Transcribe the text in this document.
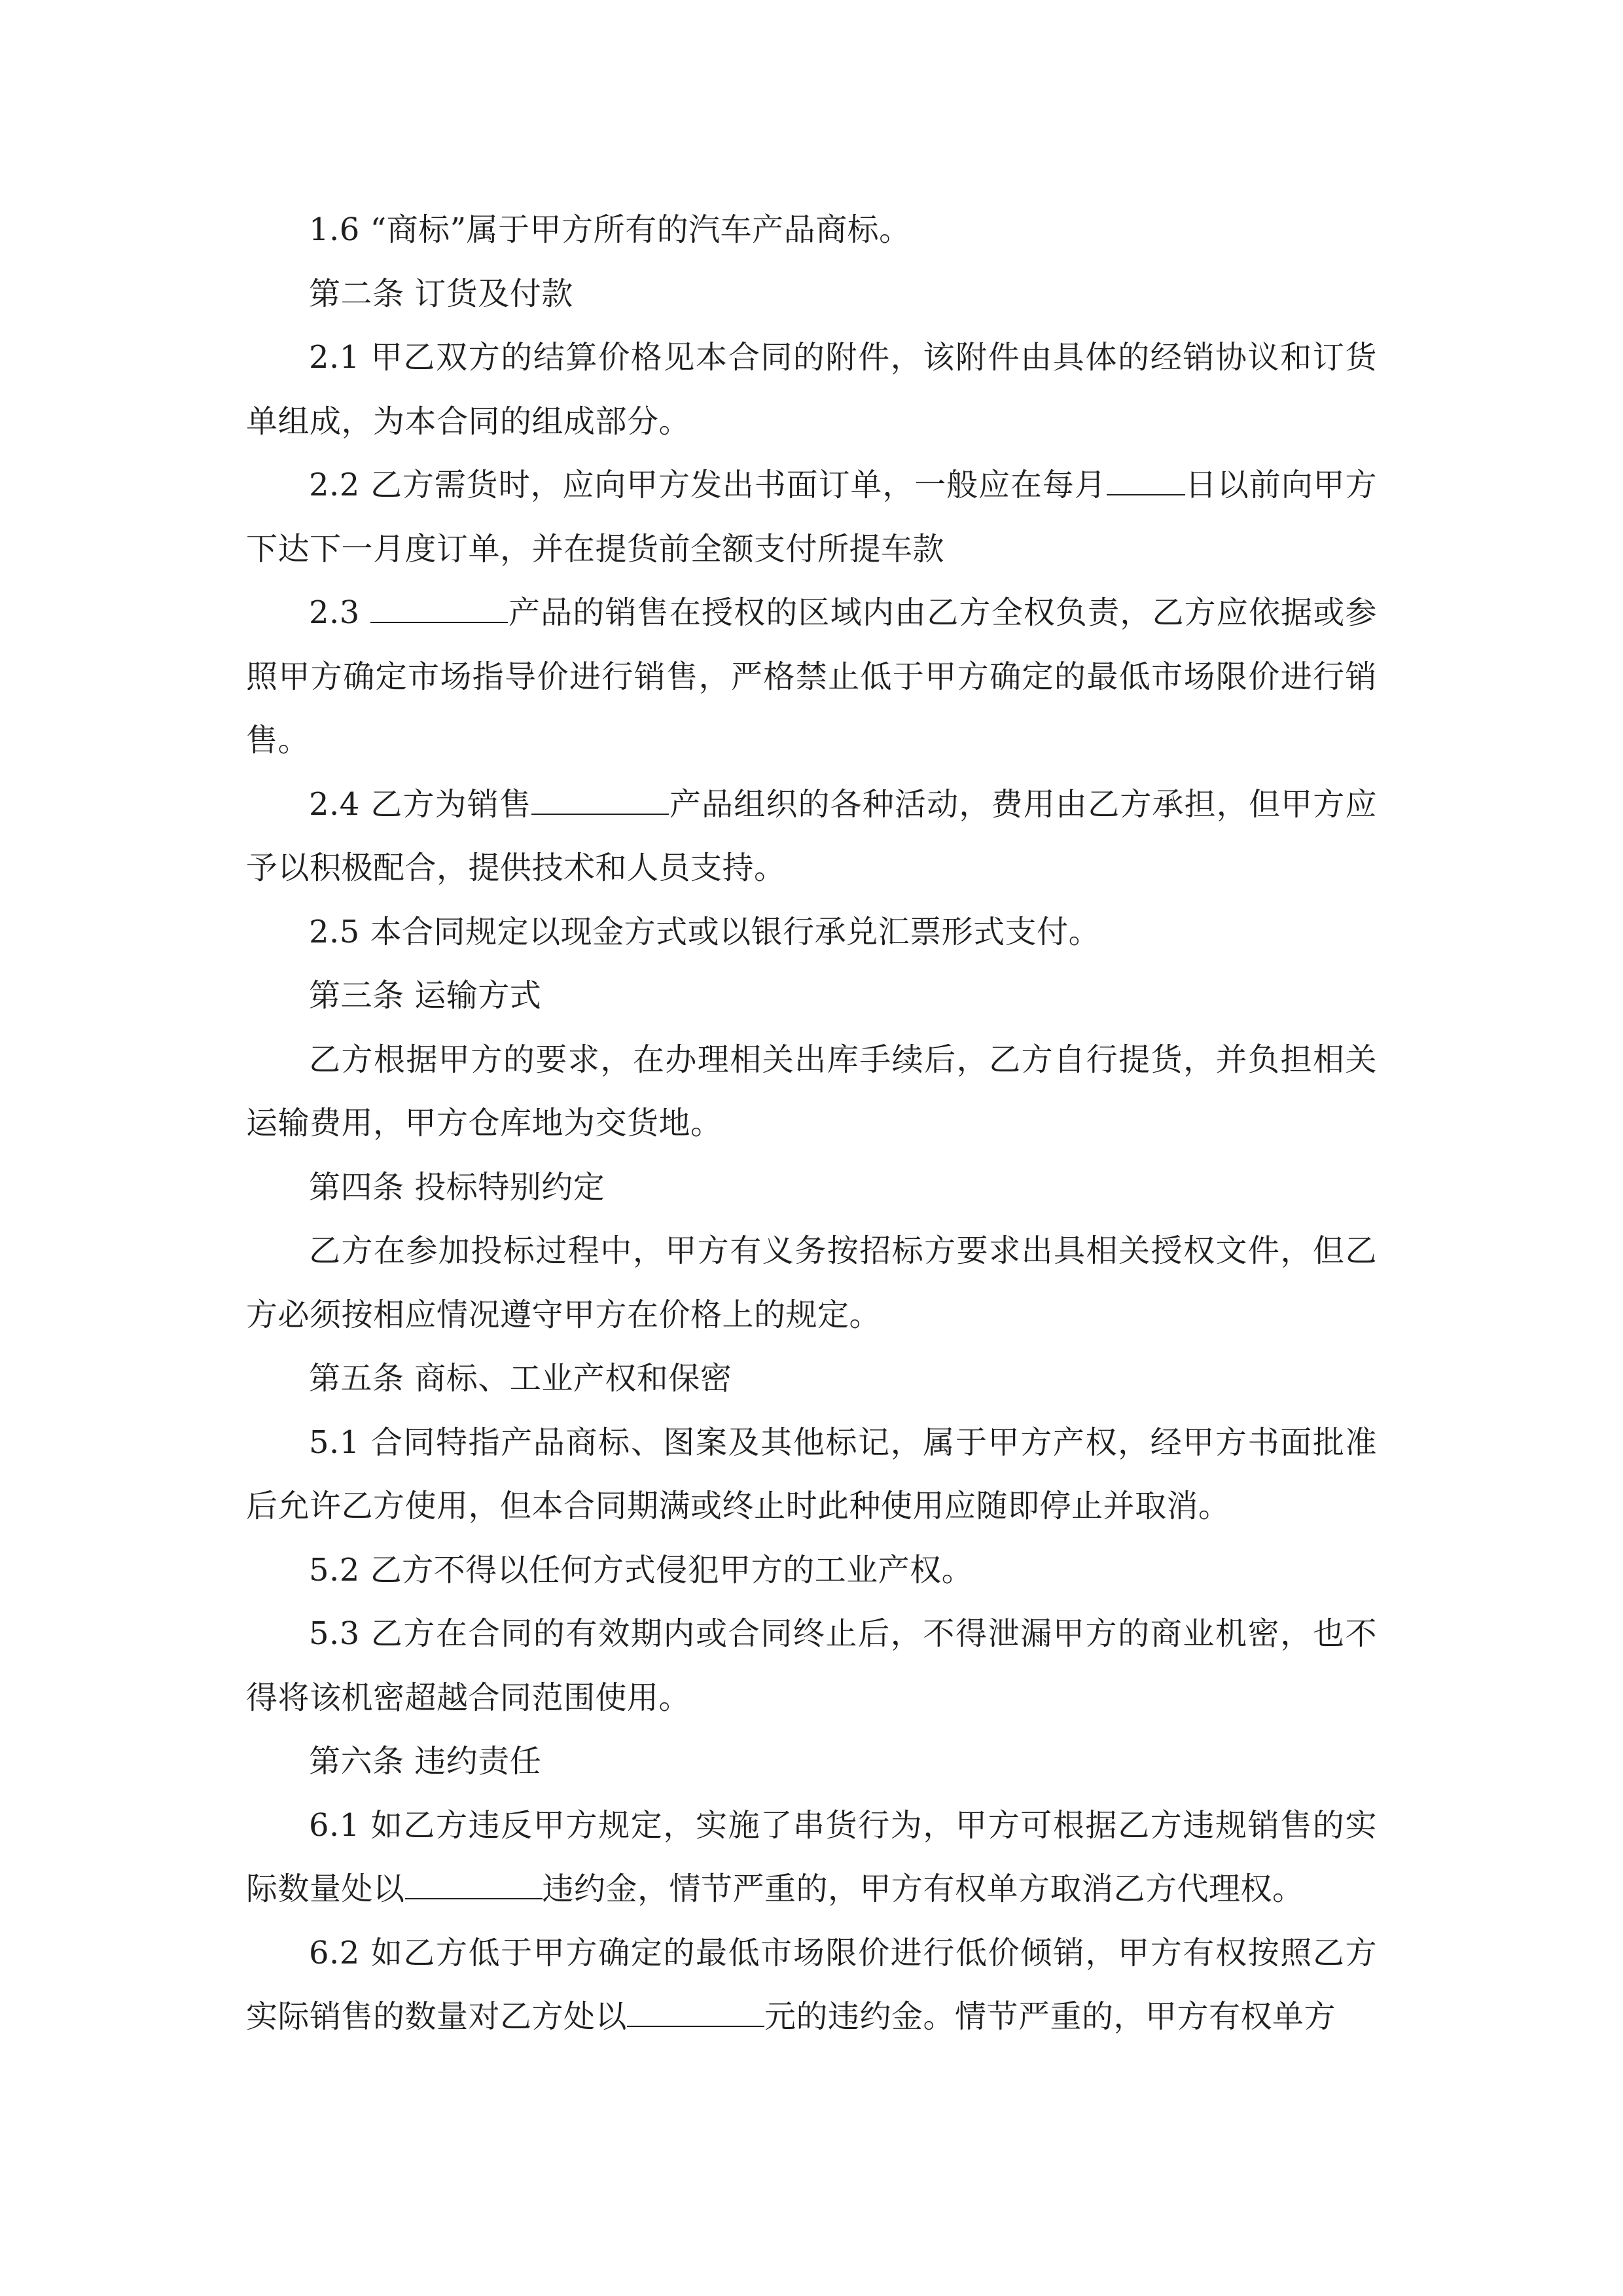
1.6 “商标”属于甲方所有的汽车产品商标。

第二条 订货及付款

2.1 甲乙双方的结算价格见本合同的附件，该附件由具体的经销协议和订货单组成，为本合同的组成部分。

2.2 乙方需货时，应向甲方发出书面订单，一般应在每月	日以前向甲方下达下一月度订单，并在提货前全额支付所提车款

2.3	产品的销售在授权的区域内由乙方全权负责，乙方应依据或参照甲方确定市场指导价进行销售，严格禁止低于甲方确定的最低市场限价进行销售。

2.4 乙方为销售	产品组织的各种活动，费用由乙方承担，但甲方应予以积极配合，提供技术和人员支持。

2.5 本合同规定以现金方式或以银行承兑汇票形式支付。

第三条 运输方式

乙方根据甲方的要求，在办理相关出库手续后，乙方自行提货，并负担相关运输费用，甲方仓库地为交货地。

第四条 投标特别约定

乙方在参加投标过程中，甲方有义务按招标方要求出具相关授权文件，但乙方必须按相应情况遵守甲方在价格上的规定。

第五条 商标、工业产权和保密

5.1 合同特指产品商标、图案及其他标记，属于甲方产权，经甲方书面批准后允许乙方使用，但本合同期满或终止时此种使用应随即停止并取消。

5.2 乙方不得以任何方式侵犯甲方的工业产权。

5.3 乙方在合同的有效期内或合同终止后，不得泄漏甲方的商业机密，也不得将该机密超越合同范围使用。

第六条 违约责任

6.1 如乙方违反甲方规定，实施了串货行为，甲方可根据乙方违规销售的实际数量处以	违约金，情节严重的，甲方有权单方取消乙方代理权。

6.2 如乙方低于甲方确定的最低市场限价进行低价倾销，甲方有权按照乙方实际销售的数量对乙方处以	元的违约金。情节严重的，甲方有权单方
